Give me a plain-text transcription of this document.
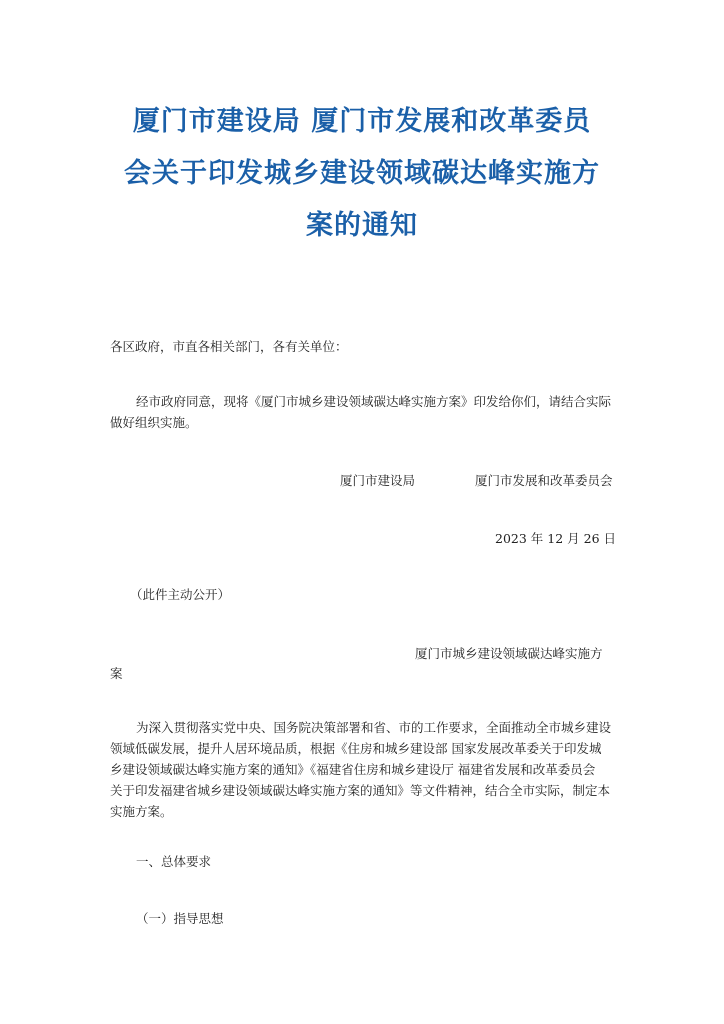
厦门市建设局 厦门市发展和改革委员
会关于印发城乡建设领域碳达峰实施方
案的通知
各区政府，市直各相关部门，各有关单位：
经市政府同意，现将《厦门市城乡建设领域碳达峰实施方案》印发给你们，请结合实际
做好组织实施。
厦门市建设局	厦门市发展和改革委员会
2023 年 12 月 26 日
（此件主动公开）
厦门市城乡建设领域碳达峰实施方
案
为深入贯彻落实党中央、国务院决策部署和省、市的工作要求，全面推动全市城乡建设
领域低碳发展，提升人居环境品质，根据《住房和城乡建设部 国家发展改革委关于印发城
乡建设领域碳达峰实施方案的通知》《福建省住房和城乡建设厅 福建省发展和改革委员会
关于印发福建省城乡建设领域碳达峰实施方案的通知》等文件精神，结合全市实际，制定本
实施方案。
一、总体要求
（一）指导思想
